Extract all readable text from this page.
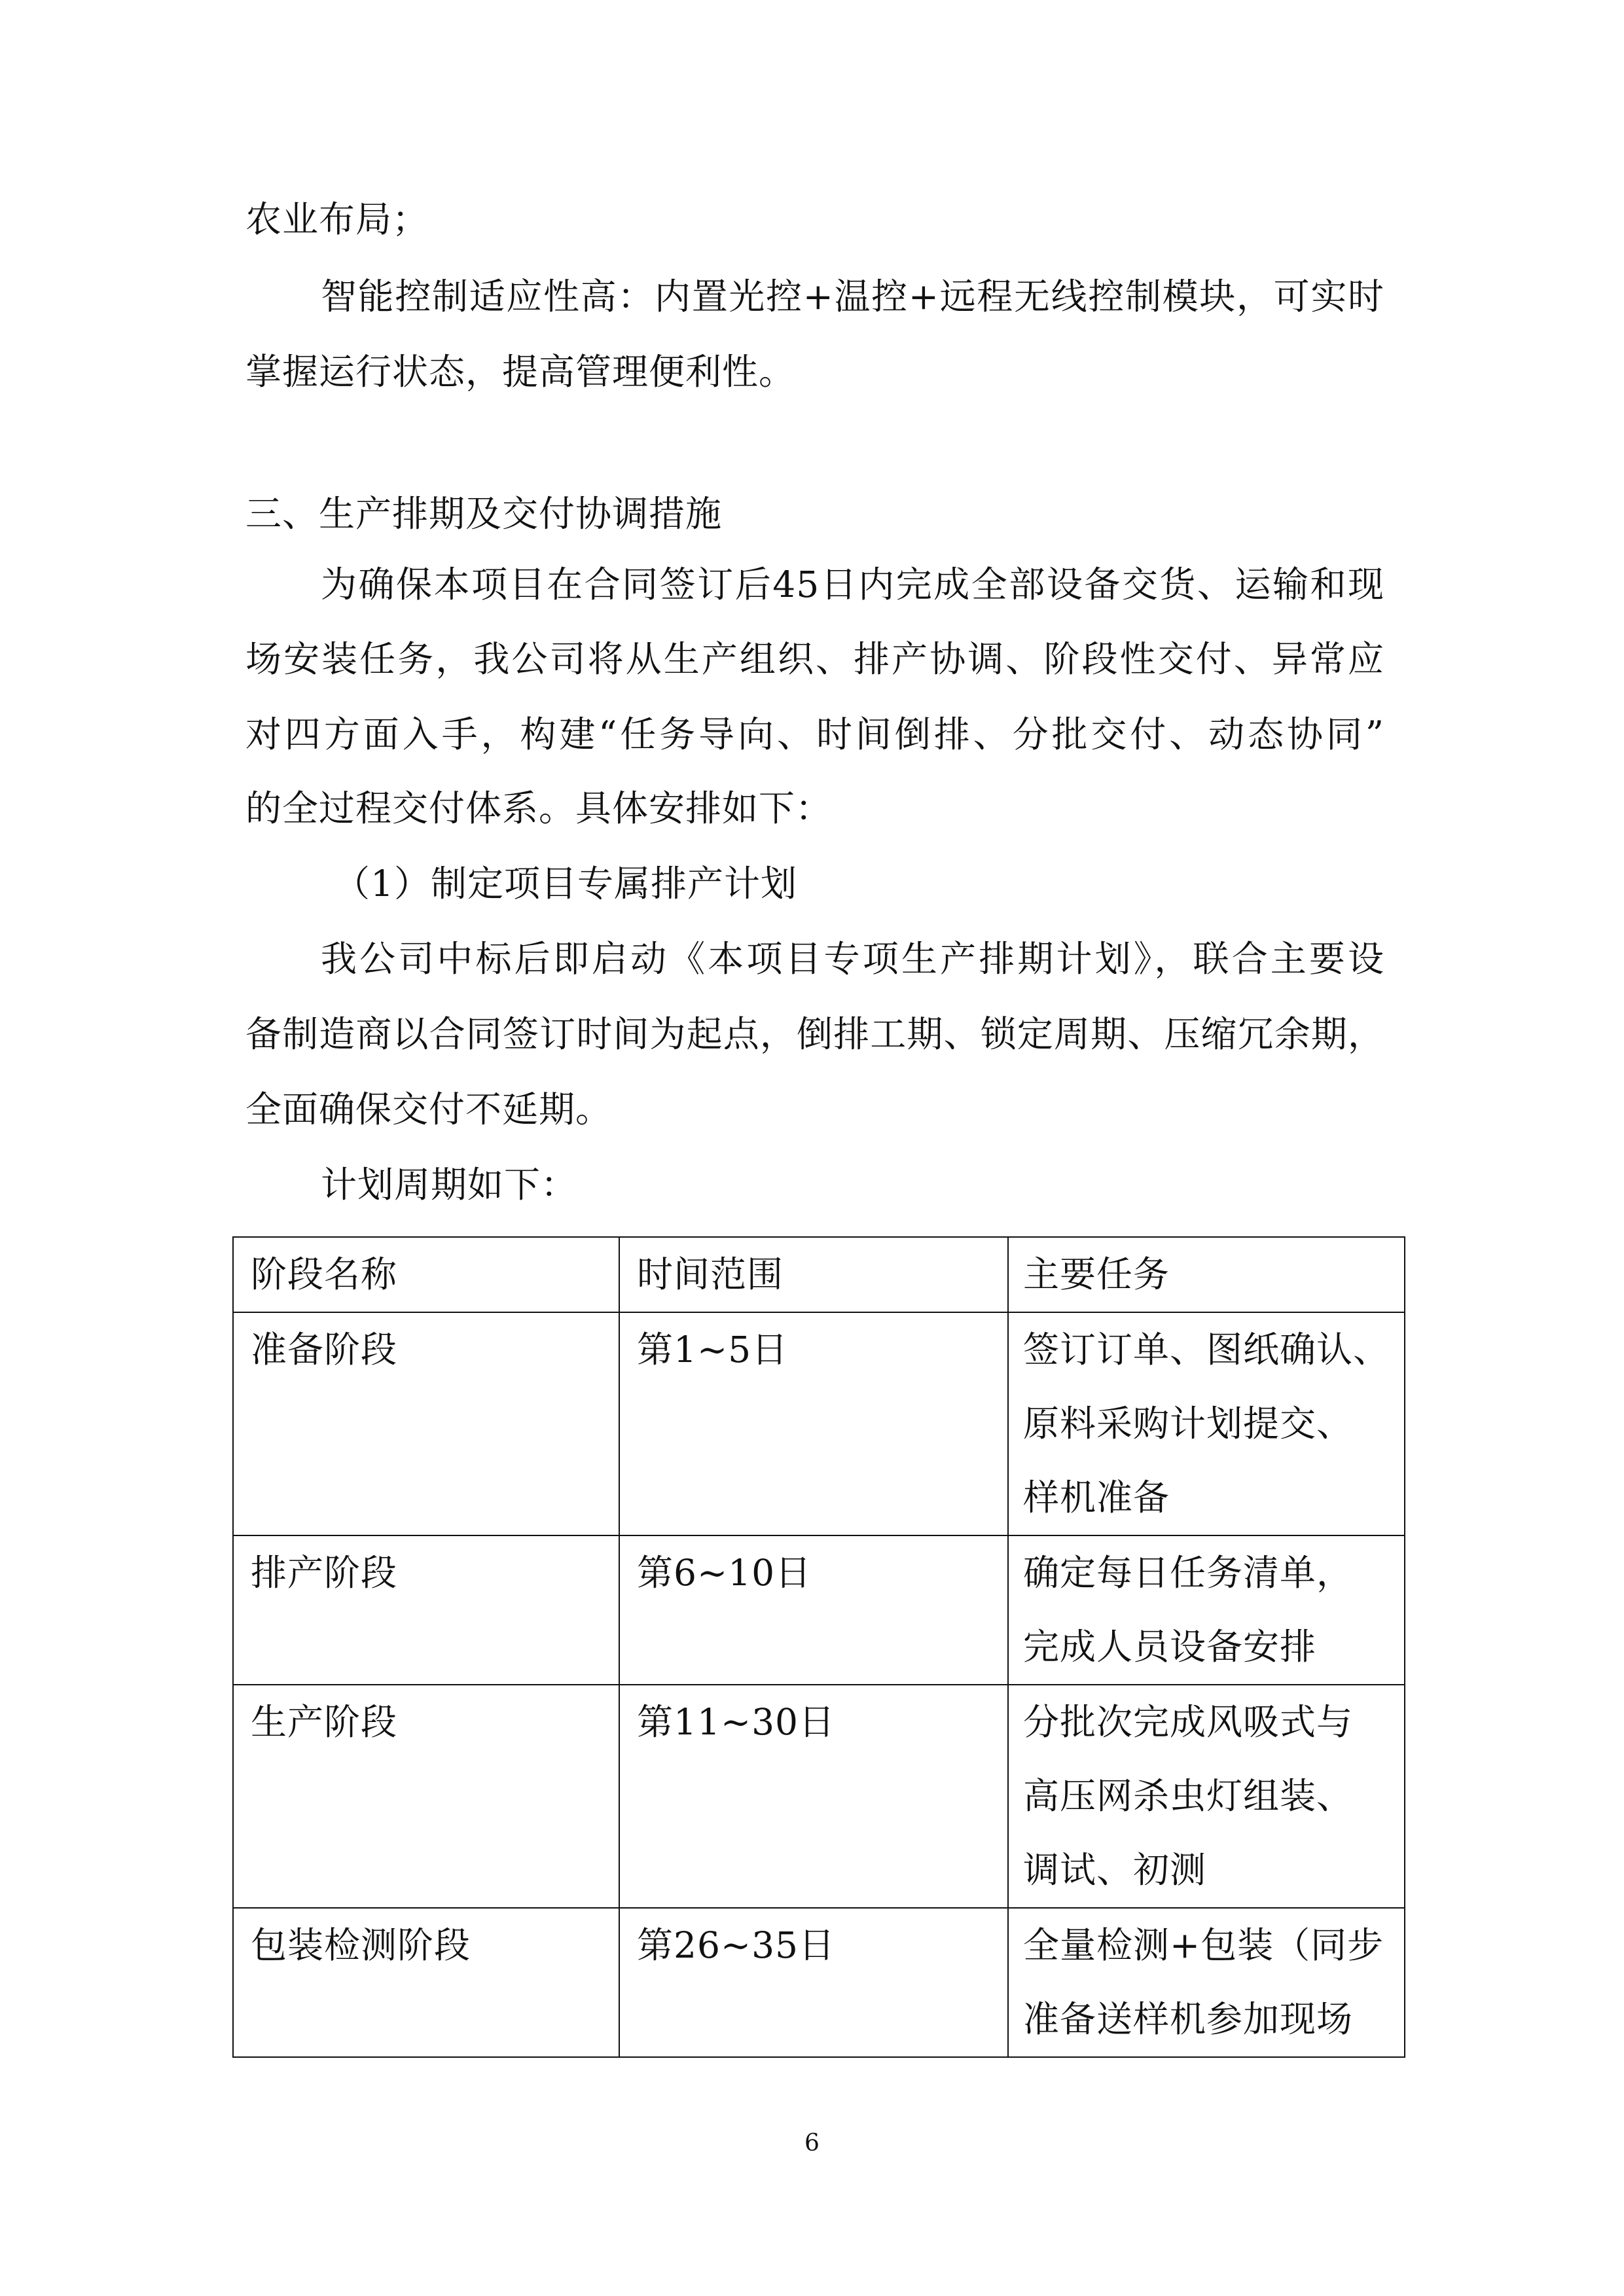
农业布局；
智能控制适应性高：内置光控+温控+远程无线控制模块，可实时
掌握运行状态，提高管理便利性。
三、生产排期及交付协调措施
为确保本项目在合同签订后45日内完成全部设备交货、运输和现
场安装任务，我公司将从生产组织、排产协调、阶段性交付、异常应
对四方面入手，构建“任务导向、时间倒排、分批交付、动态协同”
的全过程交付体系。具体安排如下：
（1）制定项目专属排产计划
我公司中标后即启动《本项目专项生产排期计划》，联合主要设
备制造商以合同签订时间为起点，倒排工期、锁定周期、压缩冗余期，
全面确保交付不延期。
计划周期如下：
阶段名称	时间范围	主要任务
准备阶段	第1~5日	签订订单、图纸确认、
原料采购计划提交、
样机准备

排产阶段	第6~10日	确定每日任务清单，
完成人员设备安排

生产阶段	第11~30日	分批次完成风吸式与
高压网杀虫灯组装、
调试、初测

包装检测阶段	第26~35日	全量检测+包装（同步
准备送样机参加现场
6
